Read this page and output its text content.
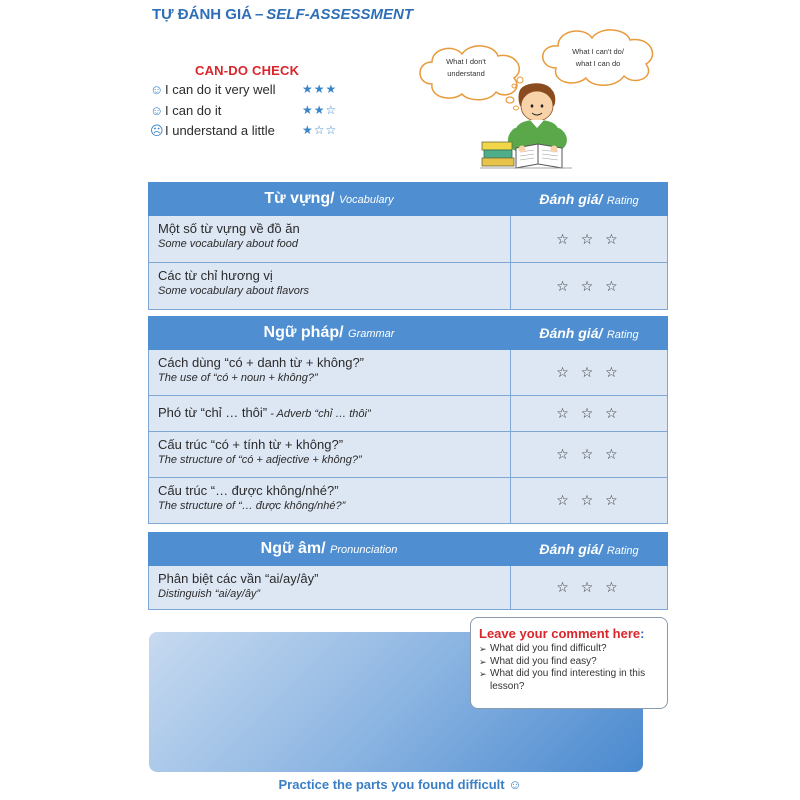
TỰ ĐÁNH GIÁ – SELF-ASSESSMENT
CAN-DO CHECK
☺ I can do it very well ★★★
☺ I can do it	★★☆
☹ I understand a little ★☆☆
What I don't
understand
What I can't do/
what I can do
Từ vựng/ Vocabulary	Đánh giá/ Rating
Một số từ vựng về đồ ăn
Some vocabulary about food	☆ ☆ ☆
Các từ chỉ hương vị
Some vocabulary about flavors	☆ ☆ ☆
Ngữ pháp/ Grammar	Đánh giá/ Rating
Cách dùng “có + danh từ + không?”
The use of “có + noun + không?”	☆ ☆ ☆
Phó từ “chỉ … thôi” - Adverb “chỉ … thôi”	☆ ☆ ☆
Cấu trúc “có + tính từ + không?”
The structure of “có + adjective + không?”	☆ ☆ ☆
Cấu trúc “… được không/nhé?”
The structure of “… được không/nhé?”	☆ ☆ ☆
Ngữ âm/ Pronunciation	Đánh giá/ Rating
Phân biệt các vần “ai/ay/ây”
Distinguish “ai/ay/ây”	☆ ☆ ☆
Leave your comment here:
➢ What did you find difficult?
➢ What did you find easy?
➢ What did you find interesting in this lesson?
Practice the parts you found difficult ☺
